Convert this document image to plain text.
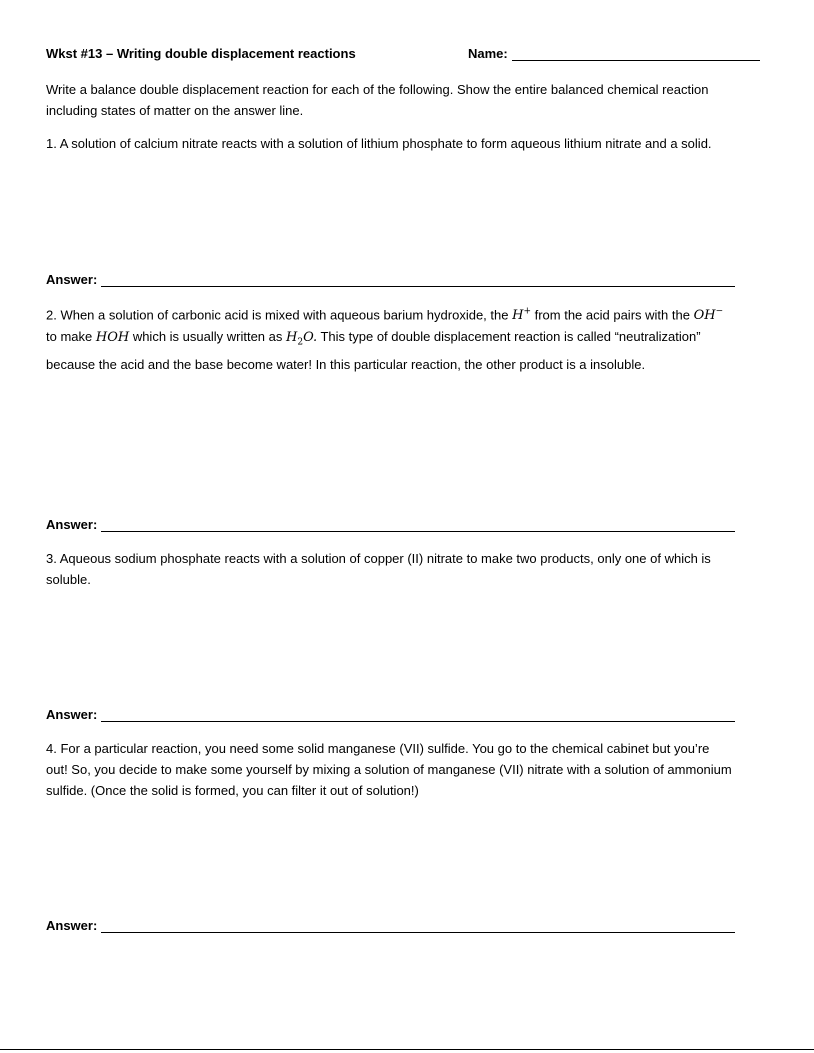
Wkst #13 – Writing double displacement reactions	Name:

Write a balance double displacement reaction for each of the following. Show the entire balanced chemical reaction
including states of matter on the answer line.

1. A solution of calcium nitrate reacts with a solution of lithium phosphate to form aqueous lithium nitrate and a solid.

Answer:

2. When a solution of carbonic acid is mixed with aqueous barium hydroxide, the H+ from the acid pairs with the OH−
to make HOH which is usually written as $H_2O$. This type of double displacement reaction is called “neutralization”
because the acid and the base become water! In this particular reaction, the other product is a insoluble.

Answer:

3. Aqueous sodium phosphate reacts with a solution of copper (II) nitrate to make two products, only one of which is
soluble.

Answer:

4. For a particular reaction, you need some solid manganese (VII) sulfide. You go to the chemical cabinet but you’re
out! So, you decide to make some yourself by mixing a solution of manganese (VII) nitrate with a solution of ammonium
sulfide. (Once the solid is formed, you can filter it out of solution!)

Answer:
